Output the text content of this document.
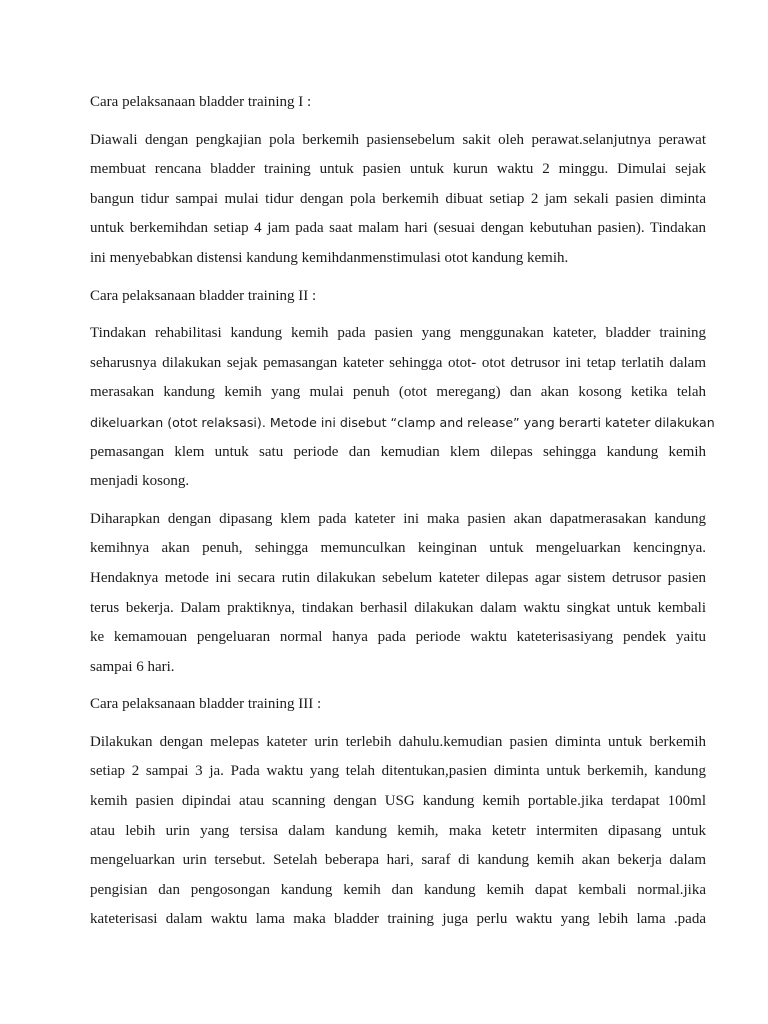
Cara pelaksanaan bladder training I :

Diawali dengan pengkajian pola berkemih pasiensebelum sakit oleh perawat.selanjutnya perawat
membuat rencana bladder training untuk pasien untuk kurun waktu 2 minggu. Dimulai sejak
bangun tidur sampai mulai tidur dengan pola berkemih dibuat setiap 2 jam sekali pasien diminta
untuk berkemihdan setiap 4 jam pada saat malam hari (sesuai dengan kebutuhan pasien). Tindakan
ini menyebabkan distensi kandung kemihdanmenstimulasi otot kandung kemih.

Cara pelaksanaan bladder training II :

Tindakan rehabilitasi kandung kemih pada pasien yang menggunakan kateter, bladder training
seharusnya dilakukan sejak pemasangan kateter sehingga otot- otot detrusor ini tetap terlatih dalam
merasakan kandung kemih yang mulai penuh (otot meregang) dan akan kosong ketika telah
dikeluarkan (otot relaksasi). Metode ini disebut “clamp and release” yang berarti kateter dilakukan
pemasangan klem untuk satu periode dan kemudian klem dilepas sehingga kandung kemih
menjadi kosong.

Diharapkan dengan dipasang klem pada kateter ini maka pasien akan dapatmerasakan kandung
kemihnya akan penuh, sehingga memunculkan keinginan untuk mengeluarkan kencingnya.
Hendaknya metode ini secara rutin dilakukan sebelum kateter dilepas agar sistem detrusor pasien
terus bekerja. Dalam praktiknya, tindakan berhasil dilakukan dalam waktu singkat untuk kembali
ke kemamouan pengeluaran normal hanya pada periode waktu kateterisasiyang pendek yaitu
sampai 6 hari.

Cara pelaksanaan bladder training III :

Dilakukan dengan melepas kateter urin terlebih dahulu.kemudian pasien diminta untuk berkemih
setiap 2 sampai 3 ja. Pada waktu yang telah ditentukan,pasien diminta untuk berkemih, kandung
kemih pasien dipindai atau scanning dengan USG kandung kemih portable.jika terdapat 100ml
atau lebih urin yang tersisa dalam kandung kemih, maka ketetr intermiten dipasang untuk
mengeluarkan urin tersebut. Setelah beberapa hari, saraf di kandung kemih akan bekerja dalam
pengisian dan pengosongan kandung kemih dan kandung kemih dapat kembali normal.jika
kateterisasi dalam waktu lama maka bladder training juga perlu waktu yang lebih lama .pada
